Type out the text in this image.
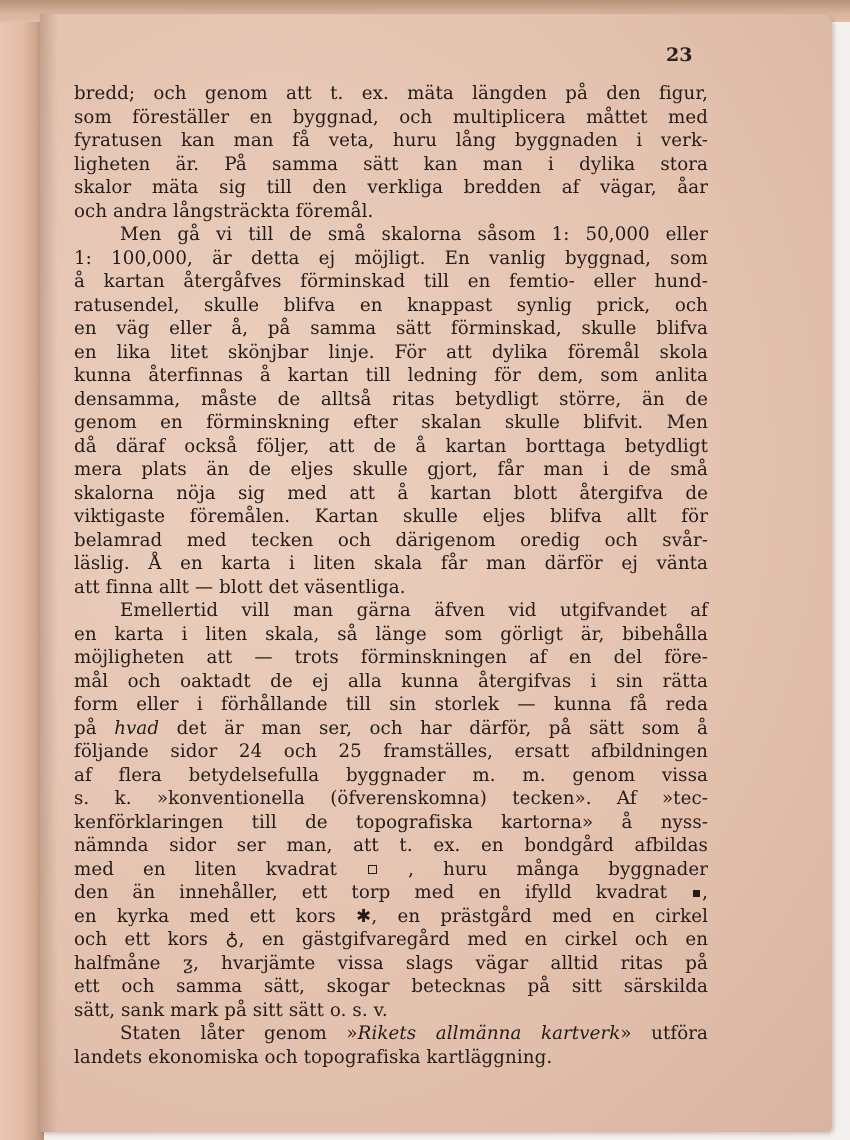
23
bredd; och genom att t. ex. mäta längden på den figur,
som föreställer en byggnad, och multiplicera måttet med
fyratusen kan man få veta, huru lång byggnaden i verk-
ligheten är. På samma sätt kan man i dylika stora
skalor mäta sig till den verkliga bredden af vägar, åar
och andra långsträckta föremål.
Men gå vi till de små skalorna såsom 1: 50,000 eller
1: 100,000, är detta ej möjligt. En vanlig byggnad, som
å kartan återgåfves förminskad till en femtio- eller hund-
ratusendel, skulle blifva en knappast synlig prick, och
en väg eller å, på samma sätt förminskad, skulle blifva
en lika litet skönjbar linje. För att dylika föremål skola
kunna återfinnas å kartan till ledning för dem, som anlita
densamma, måste de alltså ritas betydligt större, än de
genom en förminskning efter skalan skulle blifvit. Men
då däraf också följer, att de å kartan borttaga betydligt
mera plats än de eljes skulle gjort, får man i de små
skalorna nöja sig med att å kartan blott återgifva de
viktigaste föremålen. Kartan skulle eljes blifva allt för
belamrad med tecken och därigenom oredig och svår-
läslig. Å en karta i liten skala får man därför ej vänta
att finna allt — blott det väsentliga.
Emellertid vill man gärna äfven vid utgifvandet af
en karta i liten skala, så länge som görligt är, bibehålla
möjligheten att — trots förminskningen af en del före-
mål och oaktadt de ej alla kunna återgifvas i sin rätta
form eller i förhållande till sin storlek — kunna få reda
på hvad det är man ser, och har därför, på sätt som å
följande sidor 24 och 25 framställes, ersatt afbildningen
af flera betydelsefulla byggnader m. m. genom vissa
s. k. »konventionella (öfverenskomna) tecken». Af »tec-
kenförklaringen till de topografiska kartorna» å nyss-
nämnda sidor ser man, att t. ex. en bondgård afbildas
med en liten kvadrat  , huru många byggnader
den än innehåller, ett torp med en ifylld kvadrat ,
en kyrka med ett kors ✱, en prästgård med en cirkel
och ett kors ♁, en gästgifvaregård med en cirkel och en
halfmåne ƺ, hvarjämte vissa slags vägar alltid ritas på
ett och samma sätt, skogar betecknas på sitt särskilda
sätt, sank mark på sitt sätt o. s. v.
Staten låter genom »Rikets allmänna kartverk» utföra
landets ekonomiska och topografiska kartläggning.
